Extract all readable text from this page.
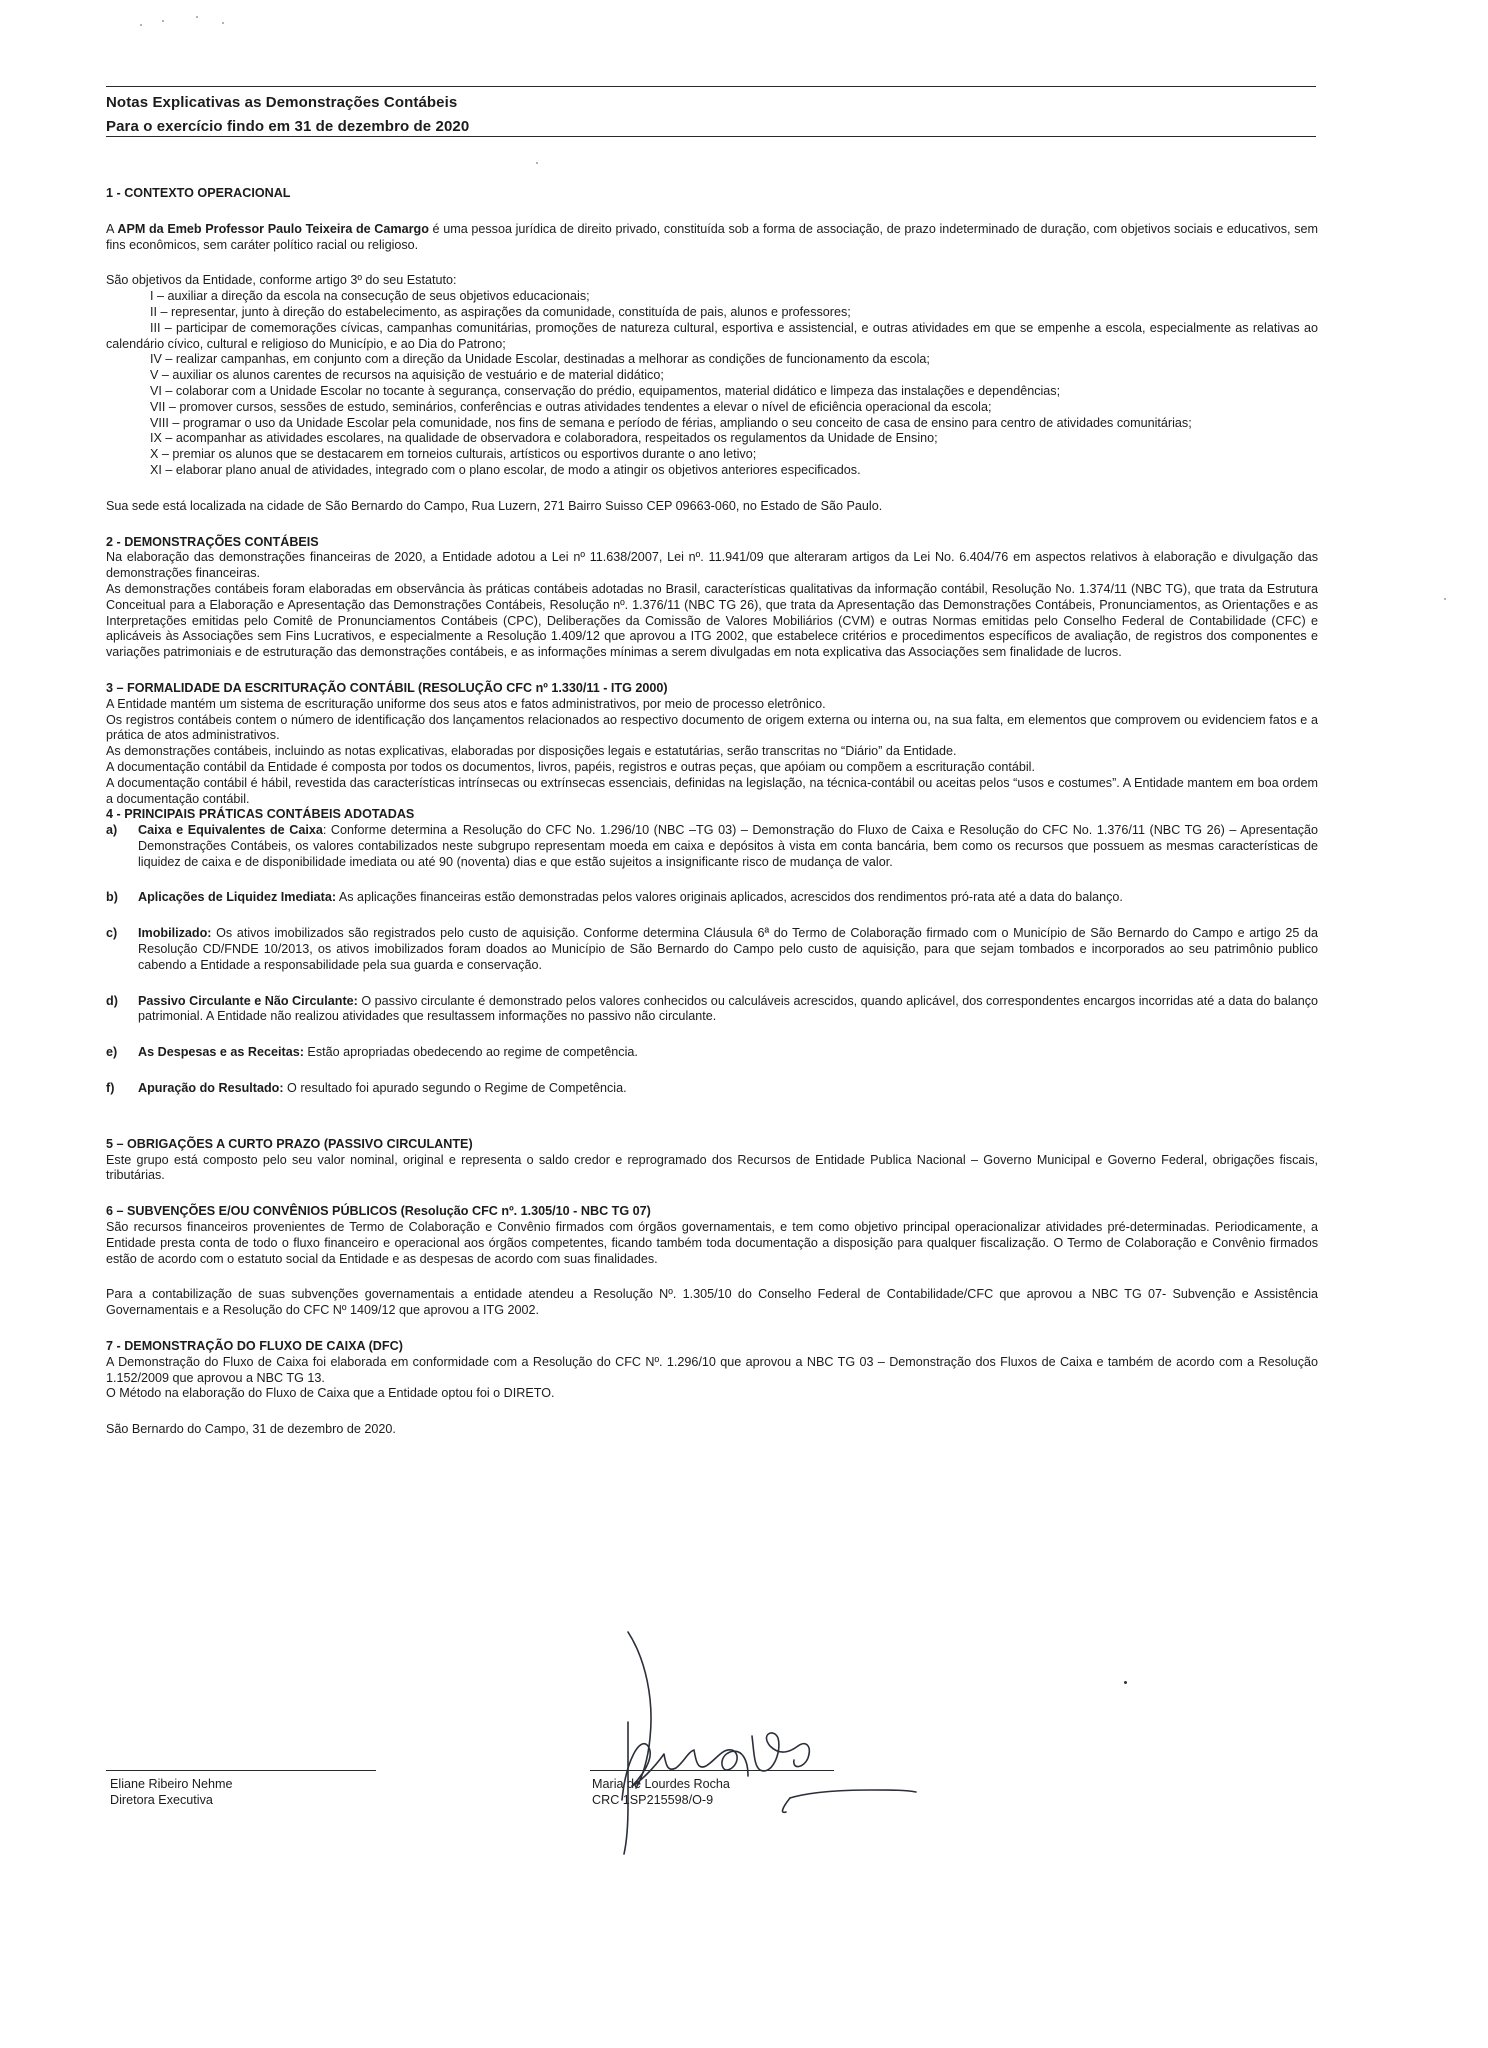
Notas Explicativas as Demonstrações Contábeis
Para o exercício findo em 31 de dezembro de 2020

1 - CONTEXTO OPERACIONAL

A APM da Emeb Professor Paulo Teixeira de Camargo é uma pessoa jurídica de direito privado, constituída sob a forma de associação, de prazo indeterminado de duração, com objetivos sociais e educativos, sem fins econômicos, sem caráter político racial ou religioso.

São objetivos da Entidade, conforme artigo 3º do seu Estatuto:

I – auxiliar a direção da escola na consecução de seus objetivos educacionais;

II – representar, junto à direção do estabelecimento, as aspirações da comunidade, constituída de pais, alunos e professores;

III – participar de comemorações cívicas, campanhas comunitárias, promoções de natureza cultural, esportiva e assistencial, e outras atividades em que se empenhe a escola, especialmente as relativas ao calendário cívico, cultural e religioso do Município, e ao Dia do Patrono;

IV – realizar campanhas, em conjunto com a direção da Unidade Escolar, destinadas a melhorar as condições de funcionamento da escola;

V – auxiliar os alunos carentes de recursos na aquisição de vestuário e de material didático;

VI – colaborar com a Unidade Escolar no tocante à segurança, conservação do prédio, equipamentos, material didático e limpeza das instalações e dependências;

VII – promover cursos, sessões de estudo, seminários, conferências e outras atividades tendentes a elevar o nível de eficiência operacional da escola;

VIII – programar o uso da Unidade Escolar pela comunidade, nos fins de semana e período de férias, ampliando o seu conceito de casa de ensino para centro de atividades comunitárias;

IX – acompanhar as atividades escolares, na qualidade de observadora e colaboradora, respeitados os regulamentos da Unidade de Ensino;

X – premiar os alunos que se destacarem em torneios culturais, artísticos ou esportivos durante o ano letivo;

XI – elaborar plano anual de atividades, integrado com o plano escolar, de modo a atingir os objetivos anteriores especificados.

Sua sede está localizada na cidade de São Bernardo do Campo, Rua Luzern, 271 Bairro Suisso CEP 09663-060, no Estado de São Paulo.

2 - DEMONSTRAÇÕES CONTÁBEIS

Na elaboração das demonstrações financeiras de 2020, a Entidade adotou a Lei nº 11.638/2007, Lei nº. 11.941/09 que alteraram artigos da Lei No. 6.404/76 em aspectos relativos à elaboração e divulgação das demonstrações financeiras.

As demonstrações contábeis foram elaboradas em observância às práticas contábeis adotadas no Brasil, características qualitativas da informação contábil, Resolução No. 1.374/11 (NBC TG), que trata da Estrutura Conceitual para a Elaboração e Apresentação das Demonstrações Contábeis, Resolução nº. 1.376/11 (NBC TG 26), que trata da Apresentação das Demonstrações Contábeis, Pronunciamentos, as Orientações e as Interpretações emitidas pelo Comitê de Pronunciamentos Contábeis (CPC), Deliberações da Comissão de Valores Mobiliários (CVM) e outras Normas emitidas pelo Conselho Federal de Contabilidade (CFC) e aplicáveis às Associações sem Fins Lucrativos, e especialmente a Resolução 1.409/12 que aprovou a ITG 2002, que estabelece critérios e procedimentos específicos de avaliação, de registros dos componentes e variações patrimoniais e de estruturação das demonstrações contábeis, e as informações mínimas a serem divulgadas em nota explicativa das Associações sem finalidade de lucros.

3 – FORMALIDADE DA ESCRITURAÇÃO CONTÁBIL (RESOLUÇÃO CFC nº 1.330/11 - ITG 2000)

A Entidade mantém um sistema de escrituração uniforme dos seus atos e fatos administrativos, por meio de processo eletrônico.

Os registros contábeis contem o número de identificação dos lançamentos relacionados ao respectivo documento de origem externa ou interna ou, na sua falta, em elementos que comprovem ou evidenciem fatos e a prática de atos administrativos.

As demonstrações contábeis, incluindo as notas explicativas, elaboradas por disposições legais e estatutárias, serão transcritas no “Diário” da Entidade.

A documentação contábil da Entidade é composta por todos os documentos, livros, papéis, registros e outras peças, que apóiam ou compõem a escrituração contábil.

A documentação contábil é hábil, revestida das características intrínsecas ou extrínsecas essenciais, definidas na legislação, na técnica-contábil ou aceitas pelos “usos e costumes”. A Entidade mantem em boa ordem a documentação contábil.

4 - PRINCIPAIS PRÁTICAS CONTÁBEIS ADOTADAS

a) Caixa e Equivalentes de Caixa: Conforme determina a Resolução do CFC No. 1.296/10 (NBC –TG 03) – Demonstração do Fluxo de Caixa e Resolução do CFC No. 1.376/11 (NBC TG 26) – Apresentação Demonstrações Contábeis, os valores contabilizados neste subgrupo representam moeda em caixa e depósitos à vista em conta bancária, bem como os recursos que possuem as mesmas características de liquidez de caixa e de disponibilidade imediata ou até 90 (noventa) dias e que estão sujeitos a insignificante risco de mudança de valor.
b) Aplicações de Liquidez Imediata: As aplicações financeiras estão demonstradas pelos valores originais aplicados, acrescidos dos rendimentos pró-rata até a data do balanço.
c) Imobilizado: Os ativos imobilizados são registrados pelo custo de aquisição. Conforme determina Cláusula 6ª do Termo de Colaboração firmado com o Município de São Bernardo do Campo e artigo 25 da Resolução CD/FNDE 10/2013, os ativos imobilizados foram doados ao Município de São Bernardo do Campo pelo custo de aquisição, para que sejam tombados e incorporados ao seu patrimônio publico cabendo a Entidade a responsabilidade pela sua guarda e conservação.
d) Passivo Circulante e Não Circulante: O passivo circulante é demonstrado pelos valores conhecidos ou calculáveis acrescidos, quando aplicável, dos correspondentes encargos incorridas até a data do balanço patrimonial. A Entidade não realizou atividades que resultassem informações no passivo não circulante.
e) As Despesas e as Receitas: Estão apropriadas obedecendo ao regime de competência.
f) Apuração do Resultado: O resultado foi apurado segundo o Regime de Competência.

5 – OBRIGAÇÕES A CURTO PRAZO (PASSIVO CIRCULANTE)

Este grupo está composto pelo seu valor nominal, original e representa o saldo credor e reprogramado dos Recursos de Entidade Publica Nacional – Governo Municipal e Governo Federal, obrigações fiscais, tributárias.

6 – SUBVENÇÕES E/OU CONVÊNIOS PÚBLICOS (Resolução CFC nº. 1.305/10 - NBC TG 07)

São recursos financeiros provenientes de Termo de Colaboração e Convênio firmados com órgãos governamentais, e tem como objetivo principal operacionalizar atividades pré-determinadas. Periodicamente, a Entidade presta conta de todo o fluxo financeiro e operacional aos órgãos competentes, ficando também toda documentação a disposição para qualquer fiscalização. O Termo de Colaboração e Convênio firmados estão de acordo com o estatuto social da Entidade e as despesas de acordo com suas finalidades.

Para a contabilização de suas subvenções governamentais a entidade atendeu a Resolução Nº. 1.305/10 do Conselho Federal de Contabilidade/CFC que aprovou a NBC TG 07- Subvenção e Assistência Governamentais e a Resolução do CFC Nº 1409/12 que aprovou a ITG 2002.

7 - DEMONSTRAÇÃO DO FLUXO DE CAIXA (DFC)

A Demonstração do Fluxo de Caixa foi elaborada em conformidade com a Resolução do CFC Nº. 1.296/10 que aprovou a NBC TG 03 – Demonstração dos Fluxos de Caixa e também de acordo com a Resolução 1.152/2009 que aprovou a NBC TG 13.

O Método na elaboração do Fluxo de Caixa que a Entidade optou foi o DIRETO.

São Bernardo do Campo, 31 de dezembro de 2020.

Eliane Ribeiro Nehme
Diretora Executiva
Maria de Lourdes Rocha
CRC 1SP215598/O-9
